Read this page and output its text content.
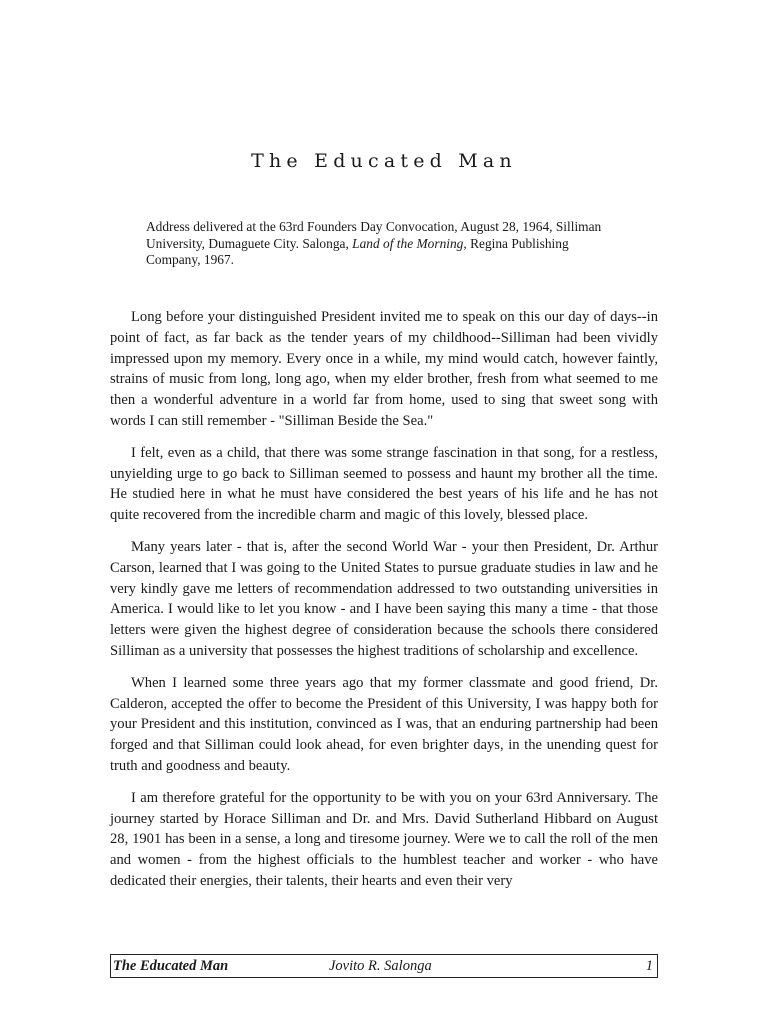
The Educated Man

Address delivered at the 63rd Founders Day Convocation, August 28, 1964, Silliman University, Dumaguete City. Salonga, Land of the Morning, Regina Publishing Company, 1967.

Long before your distinguished President invited me to speak on this our day of days--in point of fact, as far back as the tender years of my childhood--Silliman had been vividly impressed upon my memory. Every once in a while, my mind would catch, however faintly, strains of music from long, long ago, when my elder brother, fresh from what seemed to me then a wonderful adventure in a world far from home, used to sing that sweet song with words I can still remember - "Silliman Beside the Sea."

I felt, even as a child, that there was some strange fascination in that song, for a restless, unyielding urge to go back to Silliman seemed to possess and haunt my brother all the time. He studied here in what he must have considered the best years of his life and he has not quite recovered from the incredible charm and magic of this lovely, blessed place.

Many years later - that is, after the second World War - your then President, Dr. Arthur Carson, learned that I was going to the United States to pursue graduate studies in law and he very kindly gave me letters of recommendation addressed to two outstanding universities in America. I would like to let you know - and I have been saying this many a time - that those letters were given the highest degree of consideration because the schools there considered Silliman as a university that possesses the highest traditions of scholarship and excellence.

When I learned some three years ago that my former classmate and good friend, Dr. Calderon, accepted the offer to become the President of this University, I was happy both for your President and this institution, convinced as I was, that an enduring partnership had been forged and that Silliman could look ahead, for even brighter days, in the unending quest for truth and goodness and beauty.

I am therefore grateful for the opportunity to be with you on your 63rd Anniversary. The journey started by Horace Silliman and Dr. and Mrs. David Sutherland Hibbard on August 28, 1901 has been in a sense, a long and tiresome journey. Were we to call the roll of the men and women - from the highest officials to the humblest teacher and worker - who have dedicated their energies, their talents, their hearts and even their very

The Educated Man	Jovito R. Salonga	1
